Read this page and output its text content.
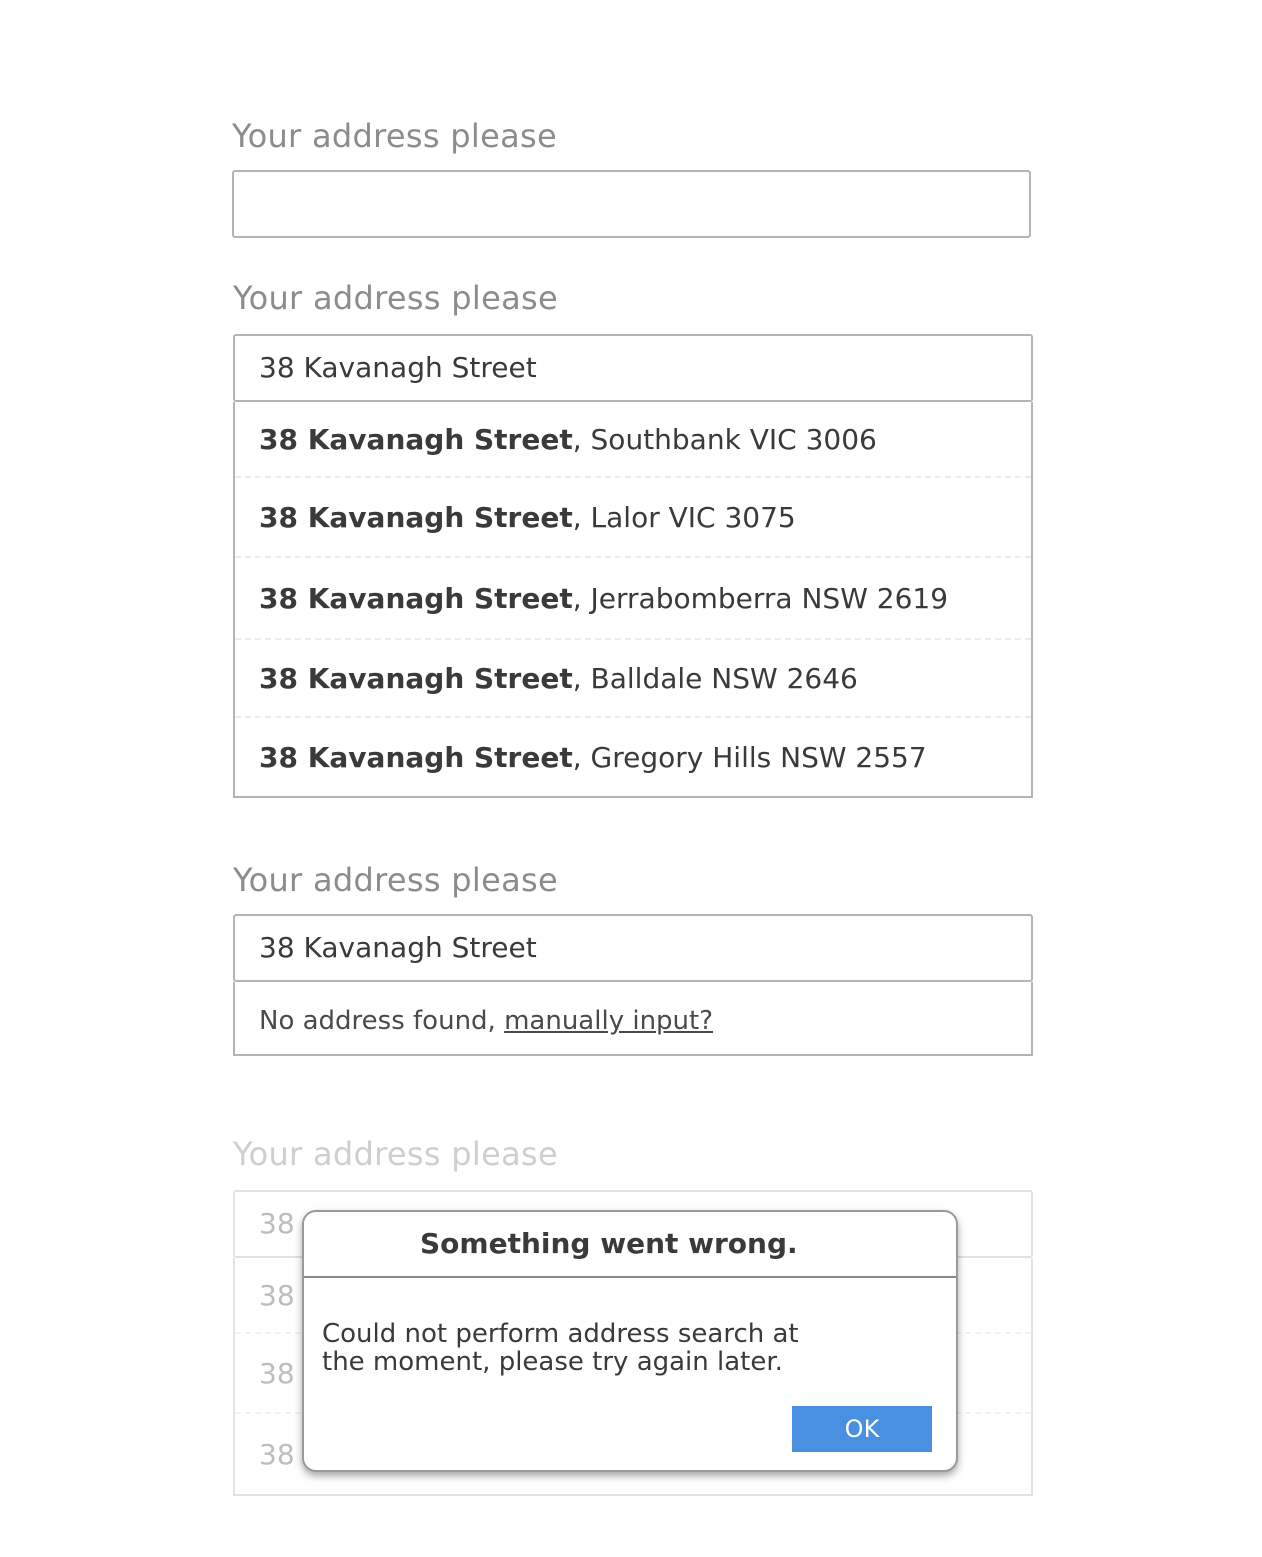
Your address please
Your address please
38 Kavanagh Street
38 Kavanagh Street , Southbank VIC 3006
38 Kavanagh Street , Lalor VIC 3075
38 Kavanagh Street , Jerrabomberra NSW 2619
38 Kavanagh Street , Balldale NSW 2646
38 Kavanagh Street , Gregory Hills NSW 2557
Your address please
38 Kavanagh Street
No address found, manually input?
Your address please
38
38
38
38
Something went wrong.
Could not perform address search at
the moment, please try again later.
OK
